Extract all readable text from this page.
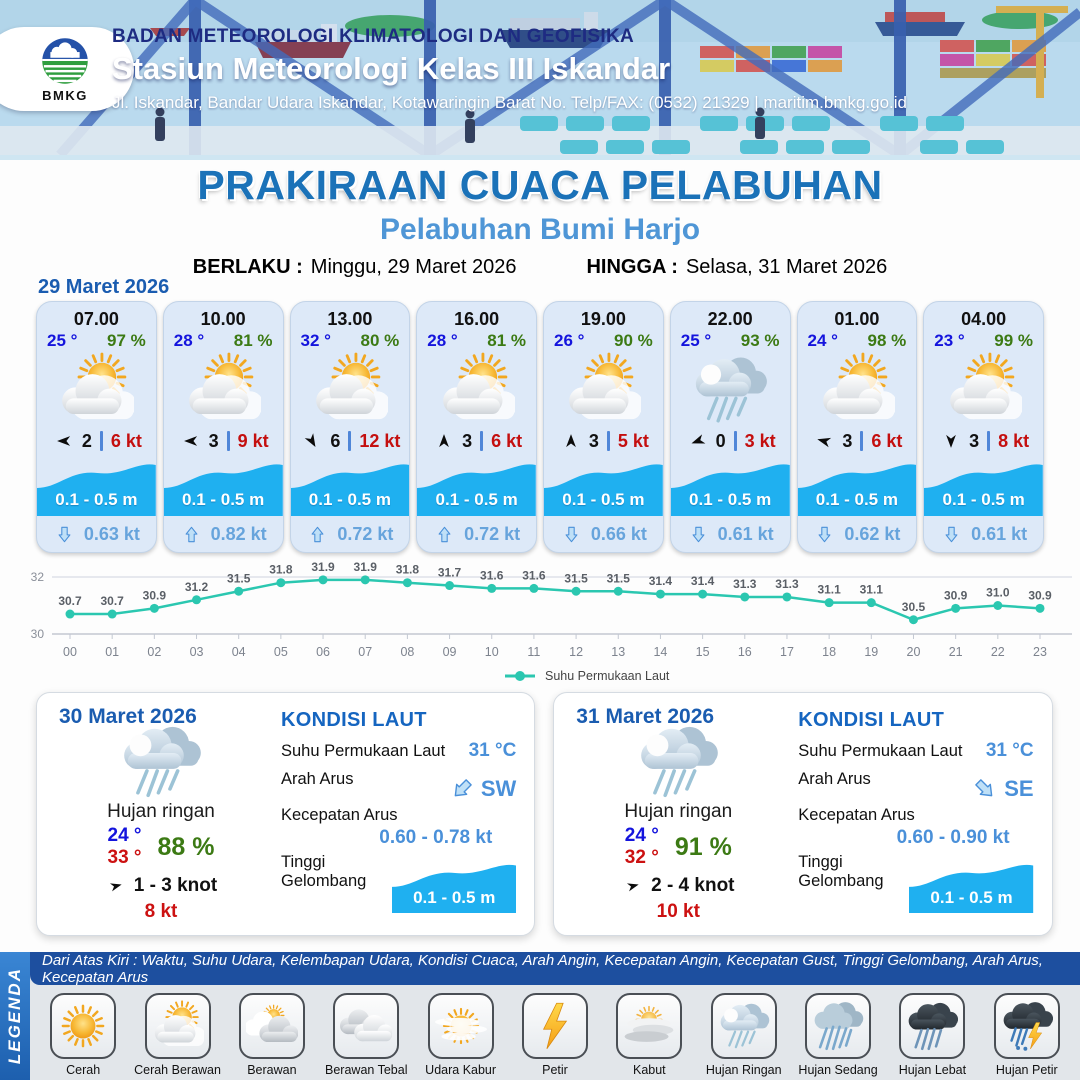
BMKG
BADAN METEOROLOGI KLIMATOLOGI DAN GEOFISIKA
Stasiun Meteorologi Kelas III Iskandar
Jl. Iskandar, Bandar Udara Iskandar, Kotawaringin Barat No. Telp/FAX: (0532) 21329 | maritim.bmkg.go.id
PRAKIRAAN CUACA PELABUHAN
Pelabuhan Bumi Harjo
BERLAKU : Minggu, 29 Maret 2026	HINGGA : Selasa, 31 Maret 2026
29 Maret 2026
07.00
25 ° 97 %
2 6 kt
0.1 - 0.5 m
0.63 kt
10.00
28 ° 81 %
3 9 kt
0.1 - 0.5 m
0.82 kt
13.00
32 ° 80 %
6 12 kt
0.1 - 0.5 m
0.72 kt
16.00
28 ° 81 %
3 6 kt
0.1 - 0.5 m
0.72 kt
19.00
26 ° 90 %
3 5 kt
0.1 - 0.5 m
0.66 kt
22.00
25 ° 93 %
0 3 kt
0.1 - 0.5 m
0.61 kt
01.00
24 ° 98 %
3 6 kt
0.1 - 0.5 m
0.62 kt
04.00
23 ° 99 %
3 8 kt
0.1 - 0.5 m
0.61 kt
30
32
00 01 02 03 04 05 06 07 08 09 10 11 12 13 14 15 16 17 18 19 20 21 22 23
30.7 30.7 30.9
31.2
31.5
31.8 31.9 31.9 31.8 31.7 31.6 31.6 31.5 31.5 31.4 31.4 31.3 31.3 31.1 31.1
30.5
30.9 31.0 30.9
Suhu Permukaan Laut
30 Maret 2026
Hujan ringan
24 ° 88 %
33 °
1 - 3 knot
8 kt
KONDISI LAUT
Suhu Permukaan Laut 31 °C
Arah Arus	SW
Kecepatan Arus
0.60 - 0.78 kt
Tinggi Gelombang
0.1 - 0.5 m
31 Maret 2026
Hujan ringan
24 ° 91 %
32 °
2 - 4 knot
10 kt
KONDISI LAUT
Suhu Permukaan Laut 31 °C
Arah Arus	SE
Kecepatan Arus
0.60 - 0.90 kt
Tinggi Gelombang
0.1 - 0.5 m
LEGENDA
Dari Atas Kiri : Waktu, Suhu Udara, Kelembapan Udara, Kondisi Cuaca, Arah Angin, Kecepatan Angin, Kecepatan Gust, Tinggi Gelombang, Arah Arus, Kecepatan Arus
Cerah	Cerah Berawan Berawan Berawan Tebal Udara Kabur	Petir	Kabut	Hujan Ringan Hujan Sedang Hujan Lebat Hujan Petir
